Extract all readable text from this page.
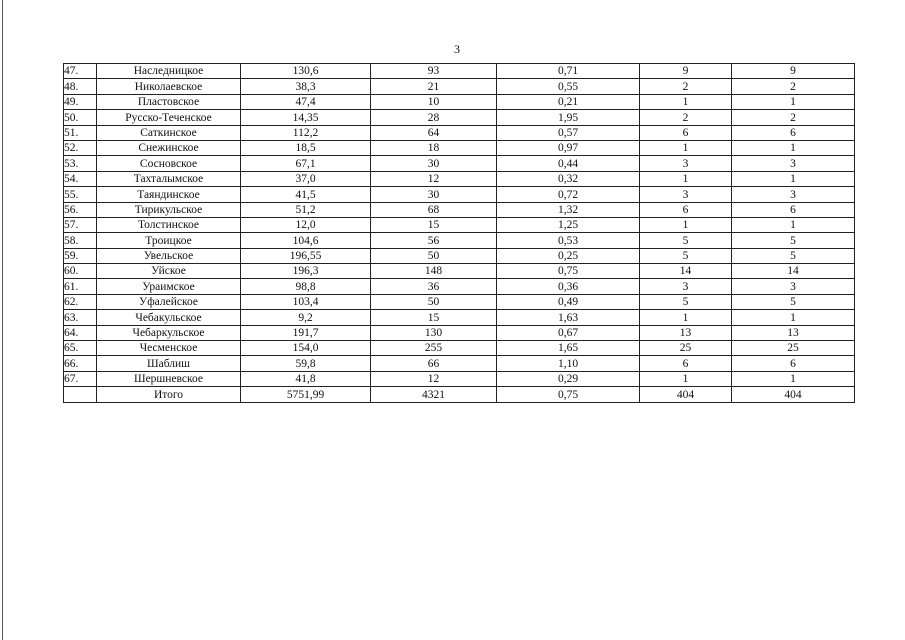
3
47.	Наследницкое	130,6	93	0,71	9	9
48.	Николаевское	38,3	21	0,55	2	2
49.	Пластовское	47,4	10	0,21	1	1
50.	Русско-Теченское	14,35	28	1,95	2	2
51.	Саткинское	112,2	64	0,57	6	6
52.	Снежинское	18,5	18	0,97	1	1
53.	Сосновское	67,1	30	0,44	3	3
54.	Тахталымское	37,0	12	0,32	1	1
55.	Таяндинское	41,5	30	0,72	3	3
56.	Тирикульское	51,2	68	1,32	6	6
57.	Толстинское	12,0	15	1,25	1	1
58.	Троицкое	104,6	56	0,53	5	5
59.	Увельское	196,55	50	0,25	5	5
60.	Уйское	196,3	148	0,75	14	14
61.	Ураимское	98,8	36	0,36	3	3
62.	Уфалейское	103,4	50	0,49	5	5
63.	Чебакульское	9,2	15	1,63	1	1
64.	Чебаркульское	191,7	130	0,67	13	13
65.	Чесменское	154,0	255	1,65	25	25
66.	Шаблиш	59,8	66	1,10	6	6
67.	Шершневское	41,8	12	0,29	1	1
	Итого	5751,99	4321	0,75	404	404
